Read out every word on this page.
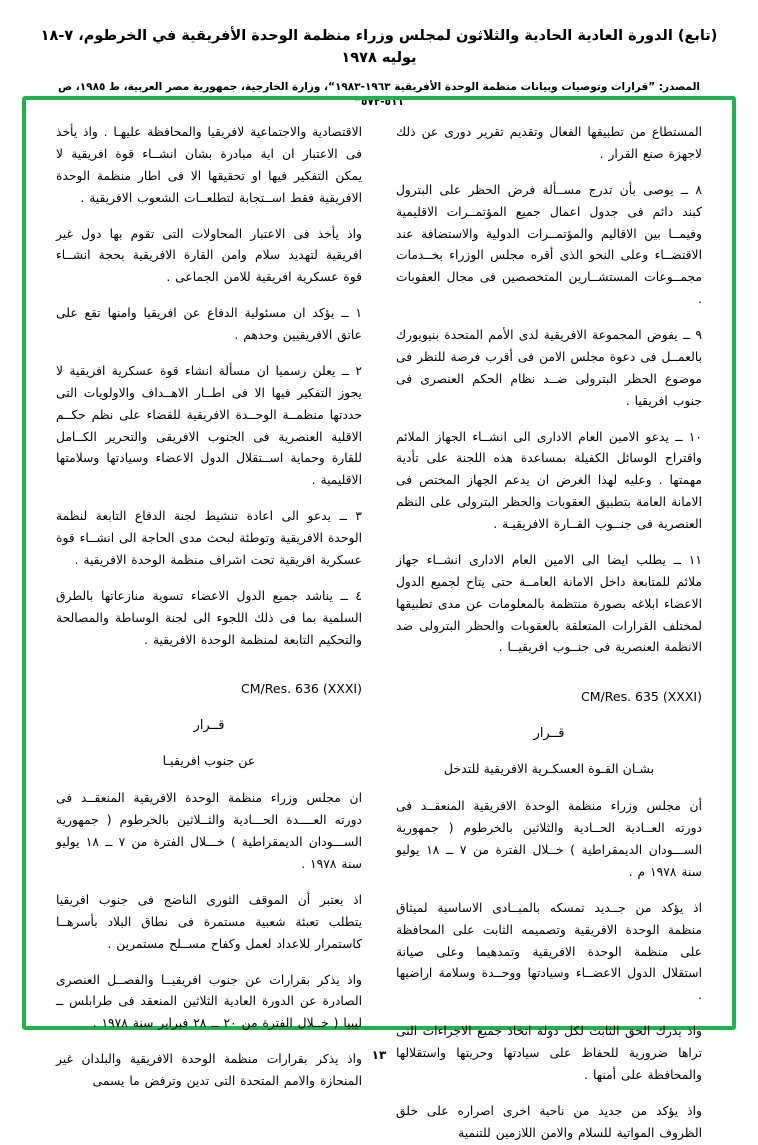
(تابع) الدورة العادية الحادية والثلاثون لمجلس وزراء منظمة الوحدة الأفريقية في الخرطوم، ٧-١٨ يوليه ١٩٧٨
المصدر: ”قرارات وتوصيات وبيانات منظمة الوحدة الأفريقية ١٩٦٣-١٩٨٣“، وزارة الخارجية، جمهورية مصر العربية، ط ١٩٨٥، ص ٥١١-٥٧٢“

المستطاع من تطبيقها الفعال وتقديم تقرير دورى عن ذلك لاجهزة صنع القرار .

٨ ــ يوصى بأن تدرج مســألة فرض الحظر على البترول كبند دائم فى جدول اعمال جميع المؤتمــرات الاقليمية وفيمــا بين الاقاليم والمؤتمــرات الدولية والاستضافة عند الاقتضــاء وعلى النحو الذى أقره مجلس الوزراء بخــدمات مجمــوعات المستشــارين المتخصصين فى مجال العقوبات .

٩ ــ يفوض المجموعة الافريقية لدى الأمم المتحدة بنيويورك بالعمــل فى دعوة مجلس الامن فى أقرب فرصة للنظر فى موضوع الحظر البترولى ضــد نظام الحكم العنصرى فى جنوب افريقيا .

١٠ ــ يدعو الامين العام الادارى الى انشــاء الجهاز الملائم واقتراح الوسائل الكفيلة بمساعدة هذه اللجنة على تأدية مهمتها . وعليه لهذا الغرض ان يدعم الجهاز المختص فى الامانة العامة بتطبيق العقوبات والحظر البترولى على النظم العنصرية فى جنــوب القــارة الافريقيـة .

١١ ــ يطلب ايضا الى الامين العام الادارى انشــاء جهاز ملائم للمتابعة داخل الامانة العامــة حتى يتاح لجميع الدول الاعضاء ابلاغه بصورة منتظمة بالمعلومات عن مدى تطبيقها لمختلف القرارات المتعلقة بالعقوبات والحظر البترولى ضد الانظمة العنصرية فى جنــوب افريقيــا .

CM/Res. 635 (XXXI)
قــرار
بشـان القـوة العسكـرية الافريقية للتدخل

أن مجلس وزراء منظمة الوحدة الافريقية المنعقــد فى دورته العــادية الحــادية والثلاثين بالخرطوم ( جمهورية الســـودان الديمقراطية ) خــلال الفترة من ٧ ــ ١٨ يوليو سنة ١٩٧٨ م .

اذ يؤكد من جــديد تمسكه بالمبــادى الاساسية لميثاق منظمة الوحدة الافريقية وتصميمه الثابت على المحافظة على منظمة الوحدة الافريقية وتمدهيما وعلى صيانة استقلال الدول الاعضــاء وسيادتها ووحــدة وسلامة اراضيها .

واذ يدرك الحق الثابت لكل دولة اتخاذ جميع الاجراءات التى تراها ضرورية للحفاظ على سيادتها وحريتها واستقلالها والمحافظة على أمنها .

واذ يؤكد من جديد من ناحية اخرى اصراره على خلق الظروف المواتية للسلام والامن اللازمين للتنمية

الاقتصادية والاجتماعية لافريقيا والمحافظة عليهـا . واذ يأخذ فى الاعتبار ان اية مبادرة بشان انشــاء قوة افريقية لا يمكن التفكير فيها او تحقيقها الا فى اطار منظمة الوحدة الافريقية فقط اســتجابة لتطلعــات الشعوب الافريقية .

واذ يأخذ فى الاعتبار المحاولات التى تقوم بها دول غير افريقية لتهديد سلام وامن القارة الافريقية بحجة انشــاء قوة عسكرية افريقية للامن الجماعى .

١ ــ يؤكد ان مسئولية الدفاع عن افريقيا وامنها تقع على عاتق الافريقيين وحدهم .

٢ ــ يعلن رسميا ان مسألة انشاء قوة عسكرية افريقية لا يجوز التفكير فيها الا فى اطــار الاهــداف والاولويات التى حددتها منظمــة الوحــدة الافريقية للقضاء على نظم حكــم الاقلية العنصرية فى الجنوب الافريقى والتحرير الكــامل للقارة وحماية اســتقلال الدول الاعضاء وسيادتها وسلامتها الاقليمية .

٣ ــ يدعو الى اعادة تنشيط لجنة الدفاع التابعة لنظمة الوحدة الافريقية وتوطئة لبحث مدى الحاجة الى انشــاء قوة عسكرية افريقية تحت اشراف منظمة الوحدة الافريقية .

٤ ــ يناشد جميع الدول الاعضاء تسوية منازعاتها بالطرق السلمية بما فى ذلك اللجوء الى لجنة الوساطة والمصالحة والتحكيم التابعة لمنظمة الوحدة الافريقية .

CM/Res. 636 (XXXI)
قــرار
عن جنوب افريقيـا

ان مجلس وزراء منظمة الوحدة الافريقية المنعقــد فى دورته العــــدة الحـــادية والثــلاثين بالخرطوم ( جمهورية الســـودان الديمقراطية ) خـــلال الفترة من ٧ ــ ١٨ يوليو سنة ١٩٧٨ .

اذ يعتبر أن الموقف الثورى الناضج فى جنوب افريقيا يتطلب تعبئة شعبية مستمرة فى نطاق البلاد بأسرهــا كاستمرار للاعداد لعمل وكفاح مســلح مستمرين .

واذ يذكر بقرارات عن جنوب افريقيــا والفصــل العنصرى الصادرة عن الدورة العادية الثلاثين المنعقد فى طرابلس ــ ليبيا ( خــلال الفترة من ٢٠ ــ ٢٨ فبراير سنة ١٩٧٨ .

واذ يذكر بقرارات منظمة الوحدة الافريقية والبلدان غير المنحازة والامم المتحدة التى تدين وترفض ما يسمى

١٣
